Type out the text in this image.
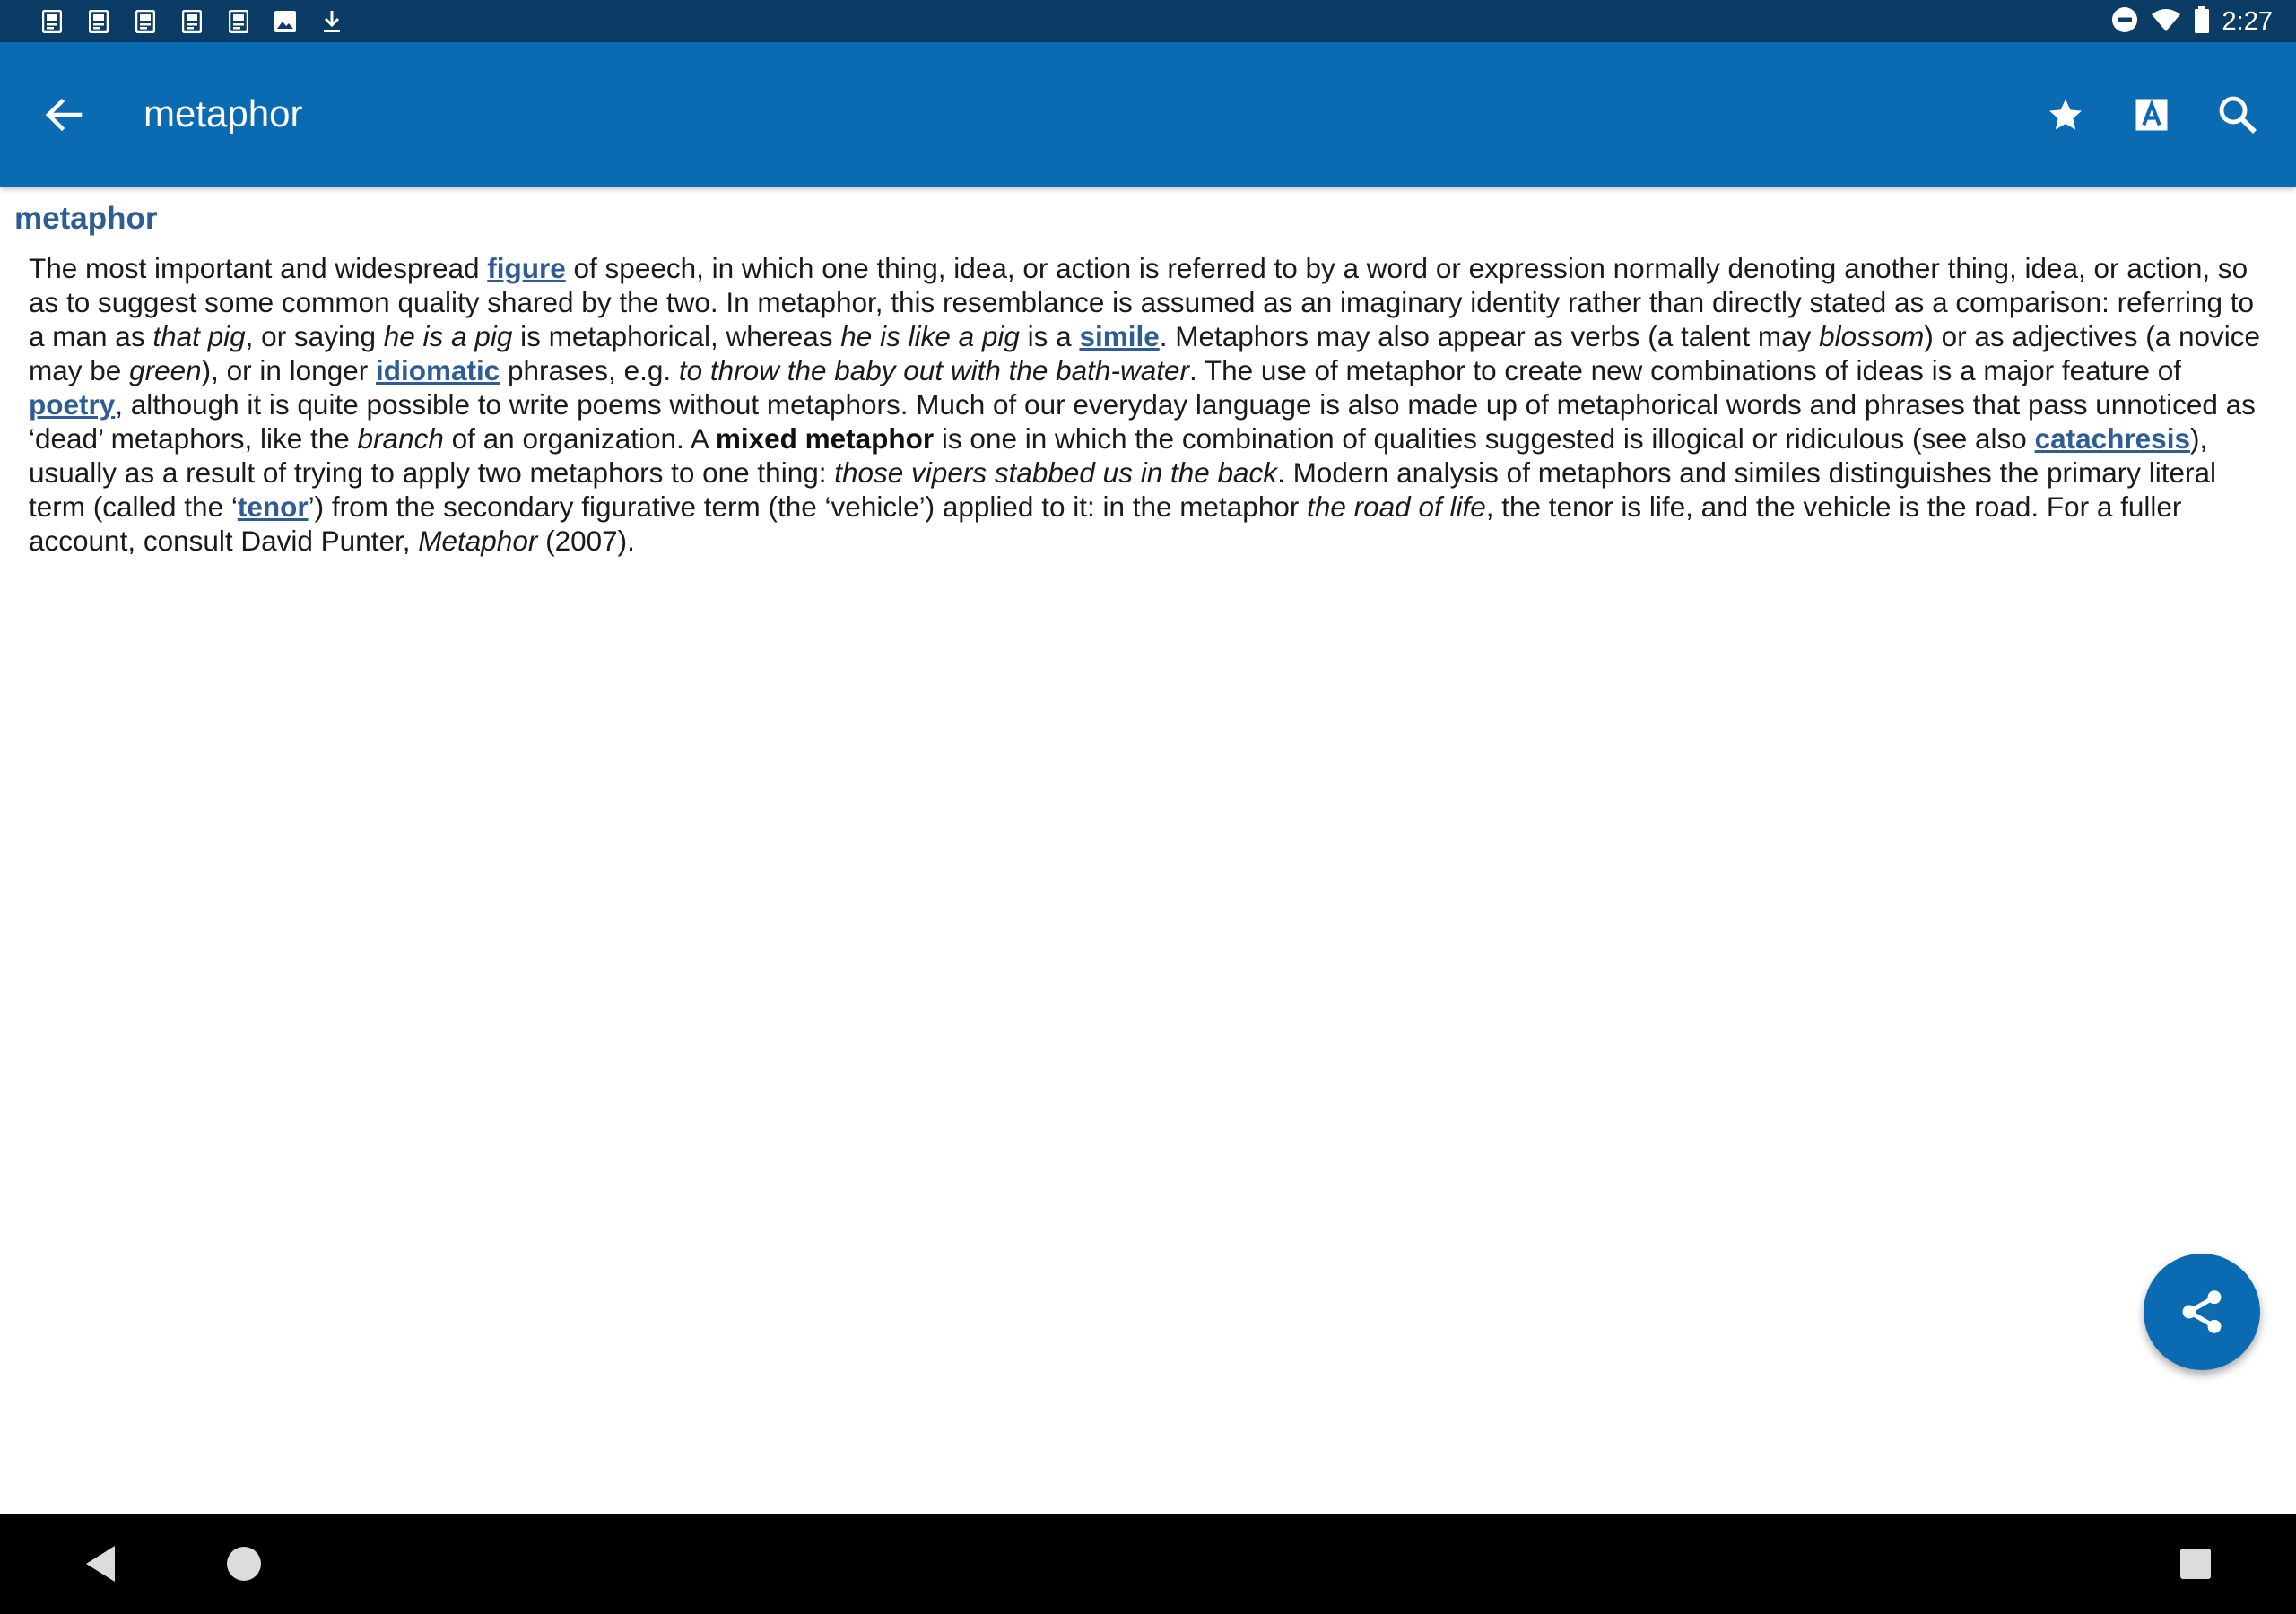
2:27
metaphor
metaphor
The most important and widespread figure of speech, in which one thing, idea, or action is referred to by a word or expression normally denoting another thing, idea, or action, so as to suggest some common quality shared by the two. In metaphor, this resemblance is assumed as an imaginary identity rather than directly stated as a comparison: referring to a man as that pig, or saying he is a pig is metaphorical, whereas he is like a pig is a simile. Metaphors may also appear as verbs (a talent may blossom) or as adjectives (a novice may be green), or in longer idiomatic phrases, e.g. to throw the baby out with the bath‑water. The use of metaphor to create new combinations of ideas is a major feature of poetry, although it is quite possible to write poems without metaphors. Much of our everyday language is also made up of metaphorical words and phrases that pass unnoticed as ‘dead’ metaphors, like the branch of an organization. A mixed metaphor is one in which the combination of qualities suggested is illogical or ridiculous (see also catachresis), usually as a result of trying to apply two metaphors to one thing: those vipers stabbed us in the back. Modern analysis of metaphors and similes distinguishes the primary literal term (called the ‘tenor’) from the secondary figurative term (the ‘vehicle’) applied to it: in the metaphor the road of life, the tenor is life, and the vehicle is the road. For a fuller account, consult David Punter, Metaphor (2007).
